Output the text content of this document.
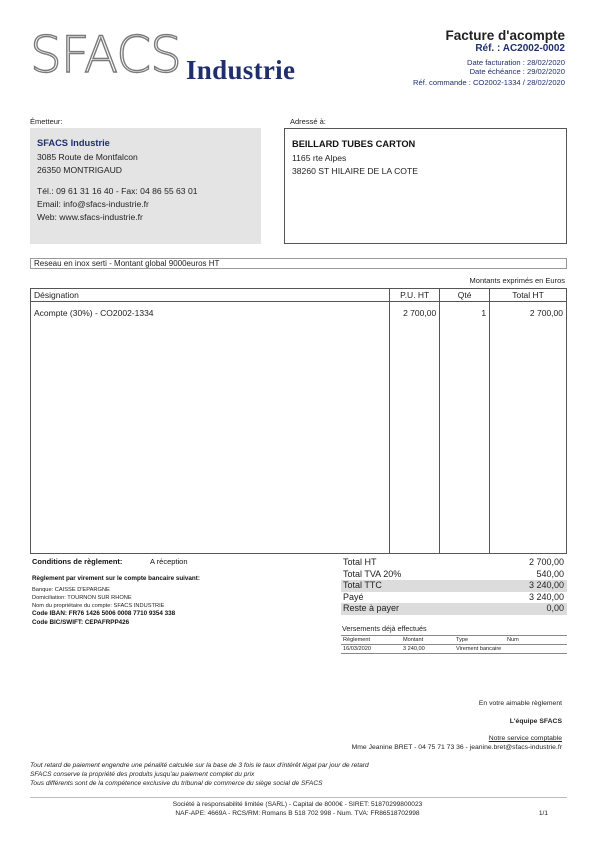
SFACS Industrie
Facture d'acompte
Réf. : AC2002-0002
Date facturation : 28/02/2020
Date échéance : 29/02/2020
Réf. commande : CO2002-1334 / 28/02/2020
Émetteur:	Adressé à:
SFACS Industrie
3085 Route de Montfalcon
26350 MONTRIGAUD
Tél.: 09 61 31 16 40 - Fax: 04 86 55 63 01
Email: info@sfacs-industrie.fr
Web: www.sfacs-industrie.fr
BEILLARD TUBES CARTON
1165 rte Alpes
38260 ST HILAIRE DE LA COTE
Reseau en inox serti - Montant global 9000euros HT
Montants exprimés en Euros
Désignation	P.U. HT	Qté	Total HT
Acompte (30%) - CO2002-1334	2 700,00	1	2 700,00
Conditions de règlement:	A réception
Règlement par virement sur le compte bancaire suivant:
Banque: CAISSE D'EPARGNE
Domiciliation: TOURNON SUR RHONE
Nom du propriétaire du compte: SFACS INDUSTRIE
Code IBAN: FR76 1426 5006 0008 7710 9354 338
Code BIC/SWIFT: CEPAFRPP426
Total HT	2 700,00
Total TVA 20%	540,00
Total TTC	3 240,00
Payé	3 240,00
Reste à payer	0,00
Versements déjà effectués
Règlement	Montant	Type	Num
16/03/2020	3 240,00	Virement bancaire
En votre aimable règlement
L'équipe SFACS
Notre service comptable
Mme Jeanine BRET - 04 75 71 73 36 - jeanine.bret@sfacs-industrie.fr
Tout retard de paiement engendre une pénalité calculée sur la base de 3 fois le taux d'intérêt légal par jour de retard
SFACS conserve la propriété des produits jusqu'au paiement complet du prix
Tous différents sont de la compétence exclusive du tribunal de commerce du siège social de SFACS
Société à responsabilité limitée (SARL) - Capital de 8000€ - SIRET: 51870299800023
NAF-APE: 4669A - RCS/RM: Romans B 518 702 998 - Num. TVA: FR86518702998	1/1
